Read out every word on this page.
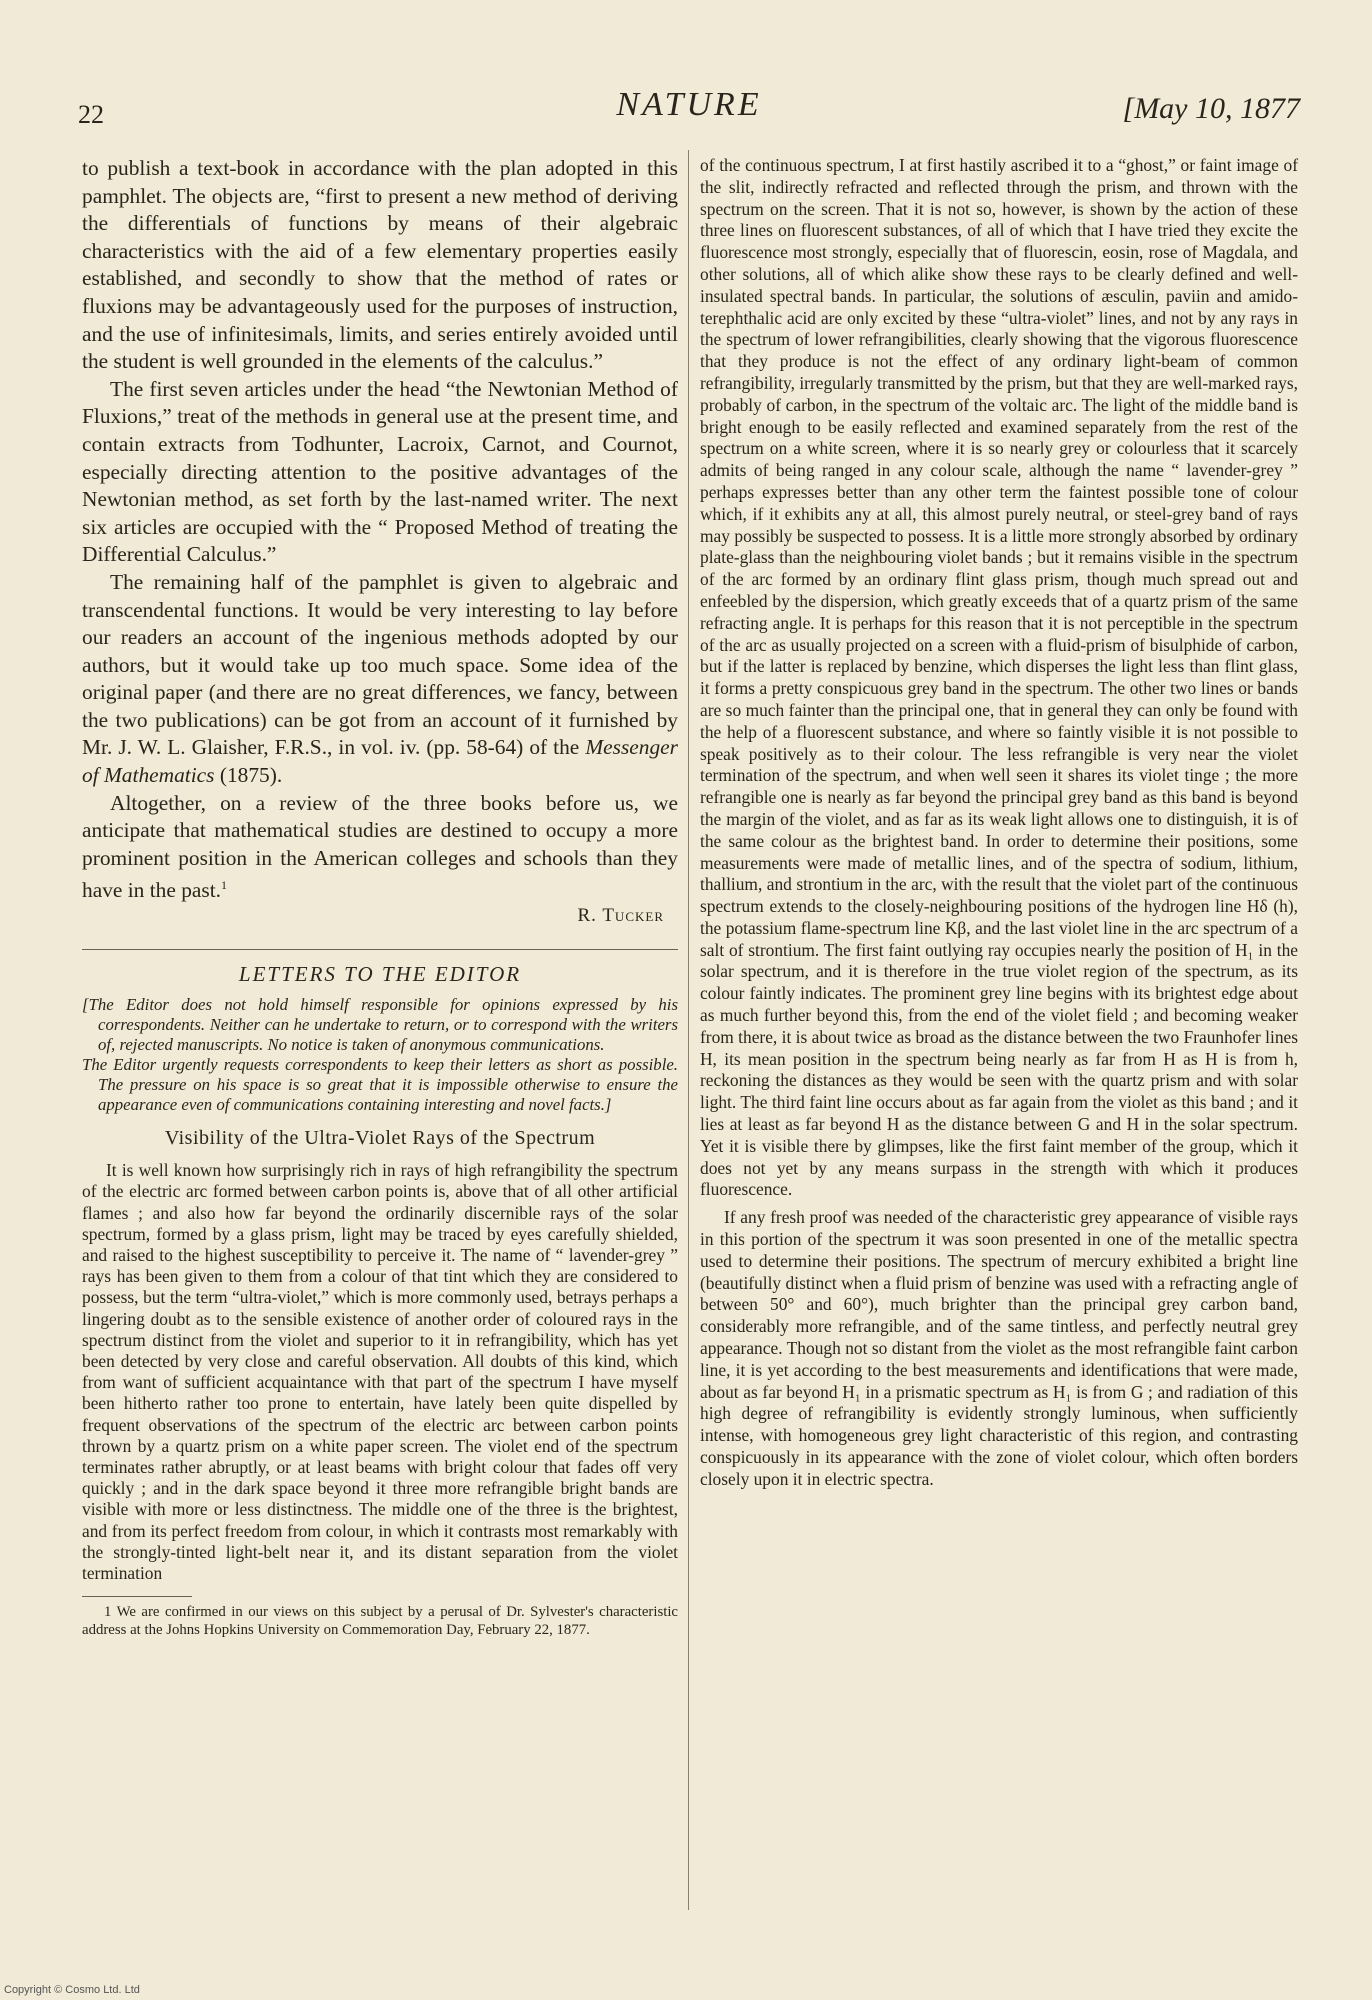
22	NATURE	[May 10, 1877

to publish a text-book in accordance with the plan adopted in this pamphlet. The objects are, “first to present a new method of deriving the differentials of functions by means of their algebraic characteristics with the aid of a few elementary properties easily established, and secondly to show that the method of rates or fluxions may be advantageously used for the purposes of instruction, and the use of infinitesimals, limits, and series entirely avoided until the student is well grounded in the elements of the calculus.”

The first seven articles under the head “the Newtonian Method of Fluxions,” treat of the methods in general use at the present time, and contain extracts from Todhunter, Lacroix, Carnot, and Cournot, especially directing attention to the positive advantages of the Newtonian method, as set forth by the last-named writer. The next six articles are occupied with the “ Proposed Method of treating the Differential Calculus.”

The remaining half of the pamphlet is given to algebraic and transcendental functions. It would be very interesting to lay before our readers an account of the ingenious methods adopted by our authors, but it would take up too much space. Some idea of the original paper (and there are no great differences, we fancy, between the two publications) can be got from an account of it furnished by Mr. J. W. L. Glaisher, F.R.S., in vol. iv. (pp. 58-64) of the Messenger of Mathematics (1875).

Altogether, on a review of the three books before us, we anticipate that mathematical studies are destined to occupy a more prominent position in the American colleges and schools than they have in the past.$^1$

R. Tucker
LETTERS TO THE EDITOR

[The Editor does not hold himself responsible for opinions expressed by his correspondents. Neither can he undertake to return, or to correspond with the writers of, rejected manuscripts. No notice is taken of anonymous communications.

The Editor urgently requests correspondents to keep their letters as short as possible. The pressure on his space is so great that it is impossible otherwise to ensure the appearance even of communications containing interesting and novel facts.]

Visibility of the Ultra-Violet Rays of the Spectrum

It is well known how surprisingly rich in rays of high refrangibility the spectrum of the electric arc formed between carbon points is, above that of all other artificial flames ; and also how far beyond the ordinarily discernible rays of the solar spectrum, formed by a glass prism, light may be traced by eyes carefully shielded, and raised to the highest susceptibility to perceive it. The name of “ lavender-grey ” rays has been given to them from a colour of that tint which they are considered to possess, but the term “ultra-violet,” which is more commonly used, betrays perhaps a lingering doubt as to the sensible existence of another order of coloured rays in the spectrum distinct from the violet and superior to it in refrangibility, which has yet been detected by very close and careful observation. All doubts of this kind, which from want of sufficient acquaintance with that part of the spectrum I have myself been hitherto rather too prone to entertain, have lately been quite dispelled by frequent observations of the spectrum of the electric arc between carbon points thrown by a quartz prism on a white paper screen. The violet end of the spectrum terminates rather abruptly, or at least beams with bright colour that fades off very quickly ; and in the dark space beyond it three more refrangible bright bands are visible with more or less distinctness. The middle one of the three is the brightest, and from its perfect freedom from colour, in which it contrasts most remarkably with the strongly-tinted light-belt near it, and its distant separation from the violet termination

1 We are confirmed in our views on this subject by a perusal of Dr. Sylvester's characteristic address at the Johns Hopkins University on Commemoration Day, February 22, 1877.

of the continuous spectrum, I at first hastily ascribed it to a “ghost,” or faint image of the slit, indirectly refracted and reflected through the prism, and thrown with the spectrum on the screen. That it is not so, however, is shown by the action of these three lines on fluorescent substances, of all of which that I have tried they excite the fluorescence most strongly, especially that of fluorescin, eosin, rose of Magdala, and other solutions, all of which alike show these rays to be clearly defined and well-insulated spectral bands. In particular, the solutions of æsculin, paviin and amido-terephthalic acid are only excited by these “ultra-violet” lines, and not by any rays in the spectrum of lower refrangibilities, clearly showing that the vigorous fluorescence that they produce is not the effect of any ordinary light-beam of common refrangibility, irregularly transmitted by the prism, but that they are well-marked rays, probably of carbon, in the spectrum of the voltaic arc. The light of the middle band is bright enough to be easily reflected and examined separately from the rest of the spectrum on a white screen, where it is so nearly grey or colourless that it scarcely admits of being ranged in any colour scale, although the name “ lavender-grey ” perhaps expresses better than any other term the faintest possible tone of colour which, if it exhibits any at all, this almost purely neutral, or steel-grey band of rays may possibly be suspected to possess. It is a little more strongly absorbed by ordinary plate-glass than the neighbouring violet bands ; but it remains visible in the spectrum of the arc formed by an ordinary flint glass prism, though much spread out and enfeebled by the dispersion, which greatly exceeds that of a quartz prism of the same refracting angle. It is perhaps for this reason that it is not perceptible in the spectrum of the arc as usually projected on a screen with a fluid-prism of bisulphide of carbon, but if the latter is replaced by benzine, which disperses the light less than flint glass, it forms a pretty conspicuous grey band in the spectrum. The other two lines or bands are so much fainter than the principal one, that in general they can only be found with the help of a fluorescent substance, and where so faintly visible it is not possible to speak positively as to their colour. The less refrangible is very near the violet termination of the spectrum, and when well seen it shares its violet tinge ; the more refrangible one is nearly as far beyond the principal grey band as this band is beyond the margin of the violet, and as far as its weak light allows one to distinguish, it is of the same colour as the brightest band. In order to determine their positions, some measurements were made of metallic lines, and of the spectra of sodium, lithium, thallium, and strontium in the arc, with the result that the violet part of the continuous spectrum extends to the closely-neighbouring positions of the hydrogen line Hδ (h), the potassium flame-spectrum line Kβ, and the last violet line in the arc spectrum of a salt of strontium. The first faint outlying ray occupies nearly the position of H₁ in the solar spectrum, and it is therefore in the true violet region of the spectrum, as its colour faintly indicates. The prominent grey line begins with its brightest edge about as much further beyond this, from the end of the violet field ; and becoming weaker from there, it is about twice as broad as the distance between the two Fraunhofer lines H, its mean position in the spectrum being nearly as far from H as H is from h, reckoning the distances as they would be seen with the quartz prism and with solar light. The third faint line occurs about as far again from the violet as this band ; and it lies at least as far beyond H as the distance between G and H in the solar spectrum. Yet it is visible there by glimpses, like the first faint member of the group, which it does not yet by any means surpass in the strength with which it produces fluorescence.

If any fresh proof was needed of the characteristic grey appearance of visible rays in this portion of the spectrum it was soon presented in one of the metallic spectra used to determine their positions. The spectrum of mercury exhibited a bright line (beautifully distinct when a fluid prism of benzine was used with a refracting angle of between 50° and 60°), much brighter than the principal grey carbon band, considerably more refrangible, and of the same tintless, and perfectly neutral grey appearance. Though not so distant from the violet as the most refrangible faint carbon line, it is yet according to the best measurements and identifications that were made, about as far beyond H₁ in a prismatic spectrum as H₁ is from G ; and radiation of this high degree of refrangibility is evidently strongly luminous, when sufficiently intense, with homogeneous grey light characteristic of this region, and contrasting conspicuously in its appearance with the zone of violet colour, which often borders closely upon it in electric spectra.

Copyright © Cosmo Ltd. Ltd
